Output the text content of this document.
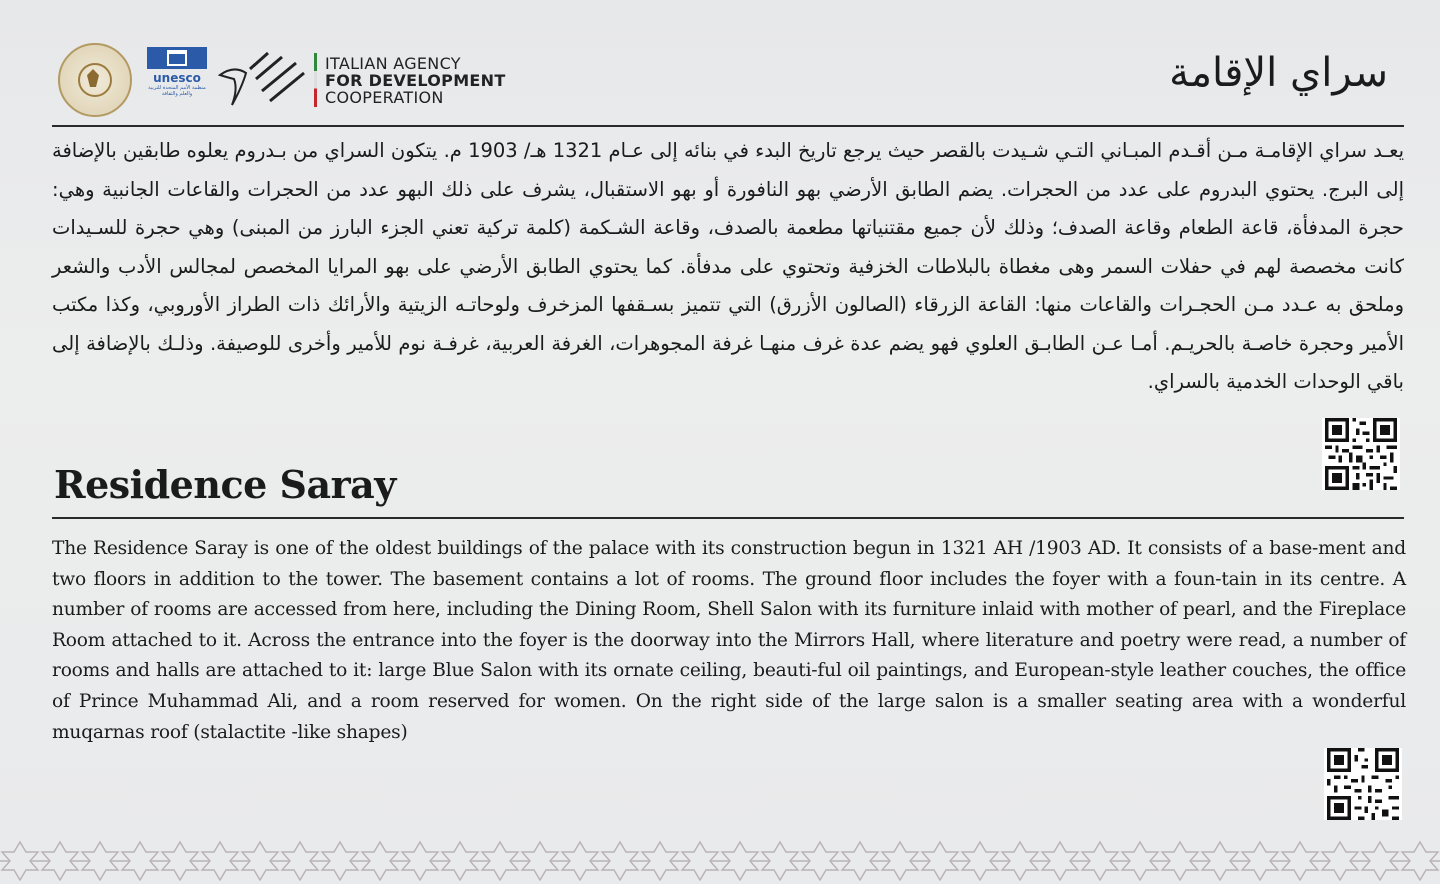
unesco
منظمة الأمم المتحدة للتربية والعلم والثقافة
ITALIAN AGENCY
FOR DEVELOPMENT
COOPERATION
سراي الإقامة
يعـد سراي الإقامـة مـن أقـدم المبـاني التـي شـيدت بالقصر حيث يرجع تاريخ البدء في بنائه إلى عـام 1321 هـ/ 1903 م. يتكون السراي من بـدروم يعلوه طابقين بالإضافة إلى البرج. يحتوي البدروم على عدد من الحجرات. يضم الطابق الأرضي بهو النافورة أو بهو الاستقبال، يشرف على ذلك البهو عدد من الحجرات والقاعات الجانبية وهي: حجرة المدفأة، قاعة الطعام وقاعة الصدف؛ وذلك لأن جميع مقتنياتها مطعمة بالصدف، وقاعة الشـكمة (كلمة تركية تعني الجزء البارز من المبنى) وهي حجرة للسـيدات كانت مخصصة لهم في حفلات السمر وهى مغطاة بالبلاطات الخزفية وتحتوي على مدفأة. كما يحتوي الطابق الأرضي على بهو المرايا المخصص لمجالس الأدب والشعر وملحق به عـدد مـن الحجـرات والقاعات منها: القاعة الزرقاء (الصالون الأزرق) التي تتميز بسـقفها المزخرف ولوحاتـه الزيتية والأرائك ذات الطراز الأوروبي، وكذا مكتب الأمير وحجرة خاصـة بالحريـم. أمـا عـن الطابـق العلوي فهو يضم عدة غرف منهـا غرفة المجوهرات، الغرفة العربية، غرفـة نوم للأمير وأخرى للوصيفة. وذلـك بالإضافة إلى باقي الوحدات الخدمية بالسراي.
Residence Saray
The Residence Saray is one of the oldest buildings of the palace with its construction begun in 1321 AH /1903 AD. It consists of a base-ment and two floors in addition to the tower. The basement contains a lot of rooms. The ground floor includes the foyer with a foun-tain in its centre. A number of rooms are accessed from here, including the Dining Room, Shell Salon with its furniture inlaid with mother of pearl, and the Fireplace Room attached to it. Across the entrance into the foyer is the doorway into the Mirrors Hall, where literature and poetry were read, a number of rooms and halls are attached to it: large Blue Salon with its ornate ceiling, beauti-ful oil paintings, and European-style leather couches, the office of Prince Muhammad Ali, and a room reserved for women. On the right side of the large salon is a smaller seating area with a wonderful muqarnas roof (stalactite -like shapes)
